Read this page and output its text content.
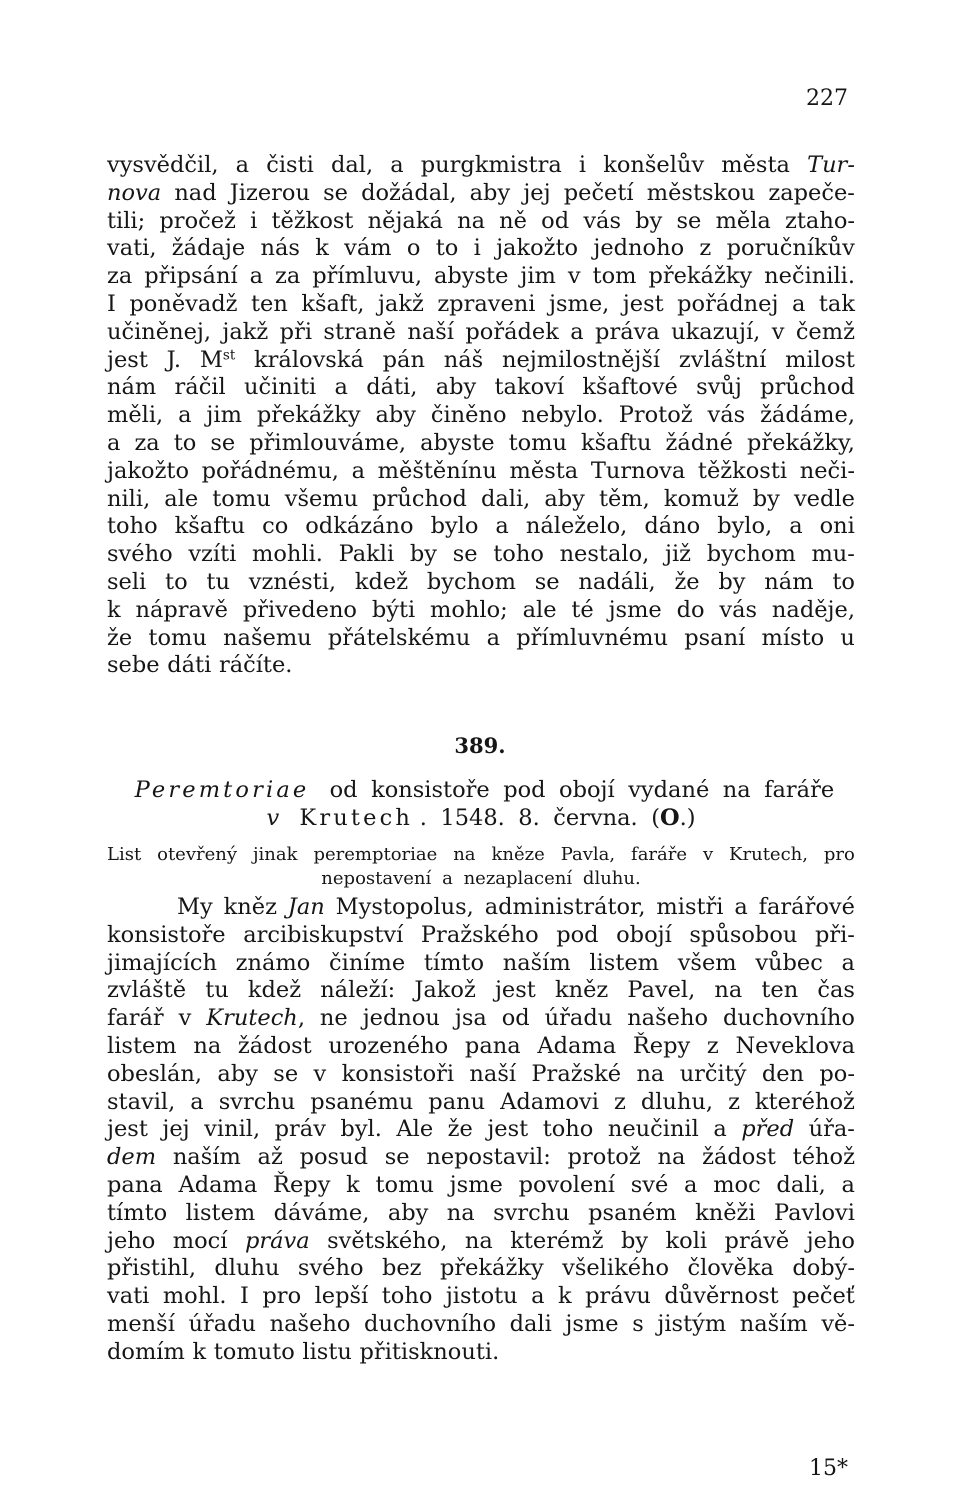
227
vysvědčil, a čisti dal, a purgkmistra i konšelův města Tur-
nova nad Jizerou se dožádal, aby jej pečetí městskou zapeče-
tili; pročež i těžkost nějaká na ně od vás by se měla ztaho-
vati, žádaje nás k vám o to i jakožto jednoho z poručníkův
za připsání a za přímluvu, abyste jim v tom překážky nečinili.
I poněvadž ten kšaft, jakž zpraveni jsme, jest pořádnej a tak
učiněnej, jakž při straně naší pořádek a práva ukazují, v čemž
jest J. Mst královská pán náš nejmilostnější zvláštní milost
nám ráčil učiniti a dáti, aby takoví kšaftové svůj průchod
měli, a jim překážky aby činěno nebylo. Protož vás žádáme,
a za to se přimlouváme, abyste tomu kšaftu žádné překážky,
jakožto pořádnému, a měštěnínu města Turnova těžkosti neči-
nili, ale tomu všemu průchod dali, aby těm, komuž by vedle
toho kšaftu co odkázáno bylo a náleželo, dáno bylo, a oni
svého vzíti mohli. Pakli by se toho nestalo, již bychom mu-
seli to tu vznésti, kdež bychom se nadáli, že by nám to
k nápravě přivedeno býti mohlo; ale té jsme do vás naděje,
že tomu našemu přátelskému a přímluvnému psaní místo u
sebe dáti ráčíte.
389.
Peremtoriae od konsistoře pod obojí vydané na faráře
v Krutech . 1548. 8. června. (O.)
List otevřený jinak peremptoriae na kněze Pavla, faráře v Krutech, pro
nepostavení a nezaplacení dluhu.
My kněz Jan Mystopolus, administrátor, mistři a farářové
konsistoře arcibiskupství Pražského pod obojí spůsobou při-
jimajících známo činíme tímto naším listem všem vůbec a
zvláště tu kdež náleží: Jakož jest kněz Pavel, na ten čas
farář v Krutech, ne jednou jsa od úřadu našeho duchovního
listem na žádost urozeného pana Adama Řepy z Neveklova
obeslán, aby se v konsistoři naší Pražské na určitý den po-
stavil, a svrchu psanému panu Adamovi z dluhu, z kteréhož
jest jej vinil, práv byl. Ale že jest toho neučinil a před úřa-
dem naším až posud se nepostavil: protož na žádost téhož
pana Adama Řepy k tomu jsme povolení své a moc dali, a
tímto listem dáváme, aby na svrchu psaném kněži Pavlovi
jeho mocí práva světského, na kterémž by koli právě jeho
přistihl, dluhu svého bez překážky všelikého člověka dobý-
vati mohl. I pro lepší toho jistotu a k právu důvěrnost pečeť
menší úřadu našeho duchovního dali jsme s jistým naším vě-
domím k tomuto listu přitisknouti.
15*
